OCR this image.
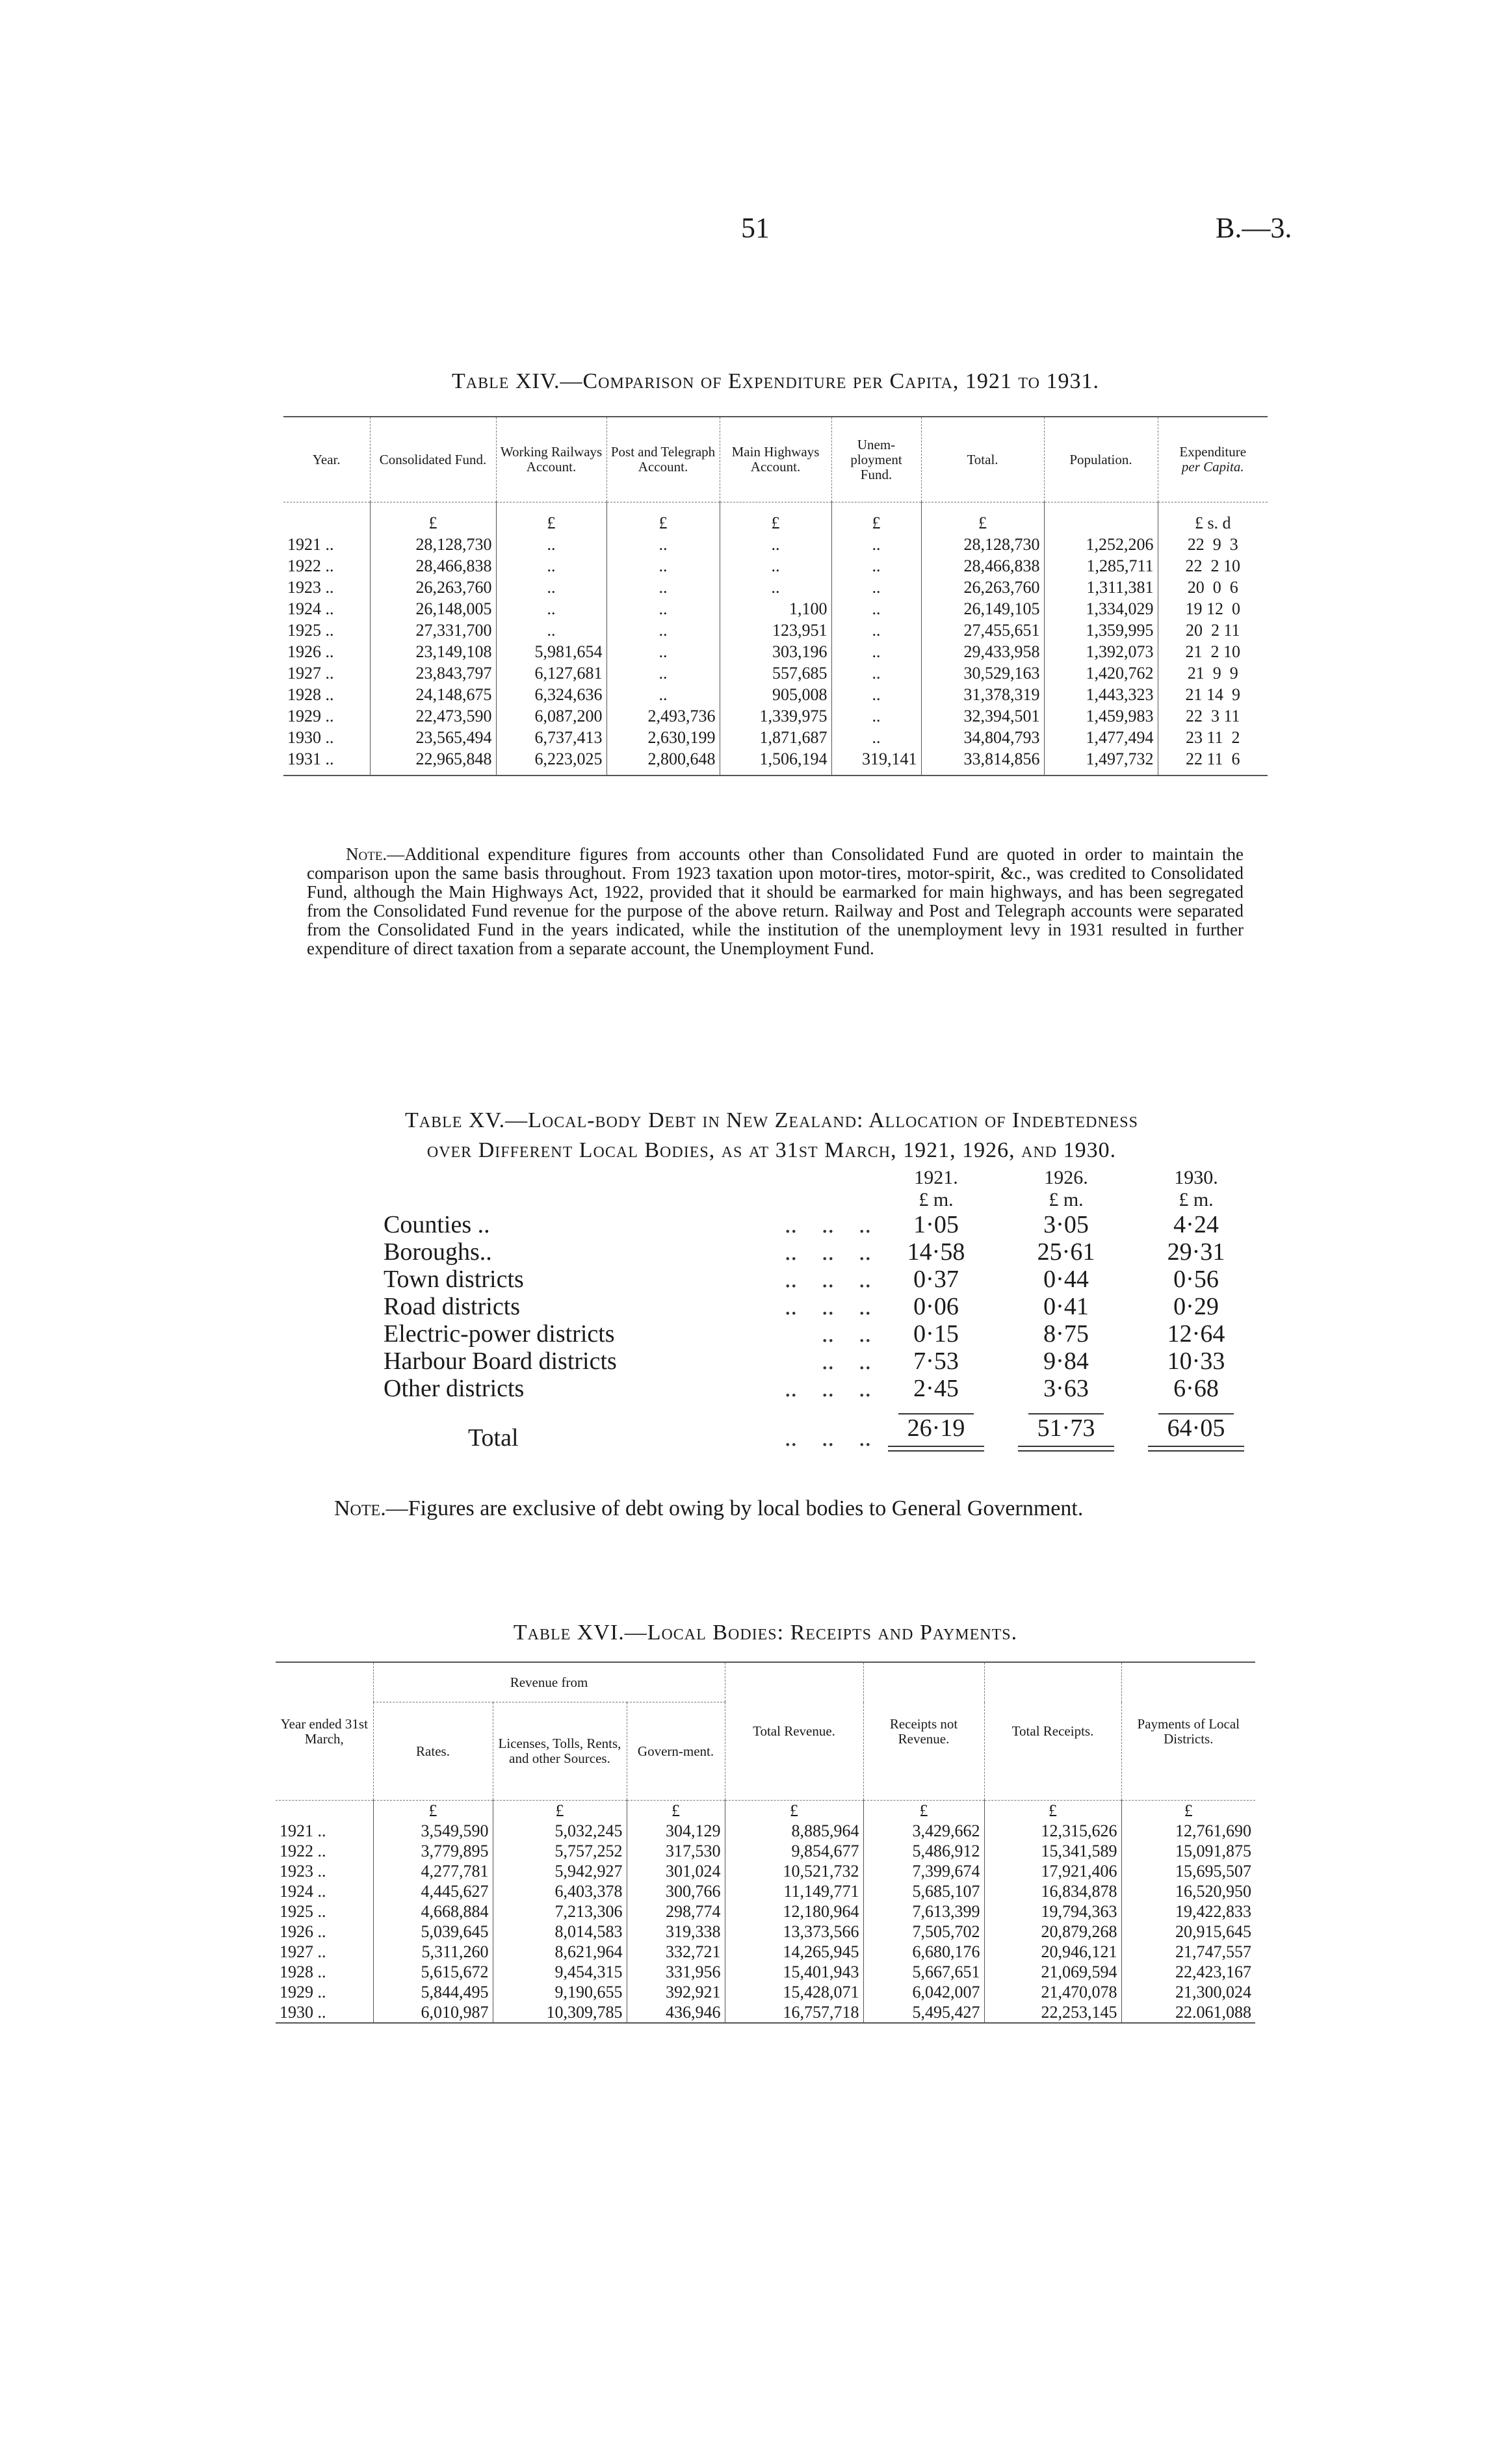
51	B.—3.
Table XIV.—Comparison of Expenditure per Capita, 1921 to 1931.
Year.	Consolidated Fund.	Working Railways Account.	Post and Telegraph Account.	Main Highways Account.	Unem-ployment Fund.	Total.	Population.	Expenditure
per Capita.
	£	£	£	£	£	£		£ s. d
1921 ..	28,128,730	..	..	..	..	28,128,730	1,252,206	22  9  3
1922 ..	28,466,838	..	..	..	..	28,466,838	1,285,711	22  2 10
1923 ..	26,263,760	..	..	..	..	26,263,760	1,311,381	20  0  6
1924 ..	26,148,005	..	..	1,100	..	26,149,105	1,334,029	19 12  0
1925 ..	27,331,700	..	..	123,951	..	27,455,651	1,359,995	20  2 11
1926 ..	23,149,108	5,981,654	..	303,196	..	29,433,958	1,392,073	21  2 10
1927 ..	23,843,797	6,127,681	..	557,685	..	30,529,163	1,420,762	21  9  9
1928 ..	24,148,675	6,324,636	..	905,008	..	31,378,319	1,443,323	21 14  9
1929 ..	22,473,590	6,087,200	2,493,736	1,339,975	..	32,394,501	1,459,983	22  3 11
1930 ..	23,565,494	6,737,413	2,630,199	1,871,687	..	34,804,793	1,477,494	23 11  2
1931 ..	22,965,848	6,223,025	2,800,648	1,506,194	319,141	33,814,856	1,497,732	22 11  6

Note.—Additional expenditure figures from accounts other than Consolidated Fund are quoted in order to maintain the comparison upon the same basis throughout. From 1923 taxation upon motor-tires, motor-spirit, &c., was credited to Consolidated Fund, although the Main Highways Act, 1922, provided that it should be earmarked for main highways, and has been segregated from the Consolidated Fund revenue for the purpose of the above return. Railway and Post and Telegraph accounts were separated from the Consolidated Fund in the years indicated, while the institution of the unemployment levy in 1931 resulted in further expenditure of direct taxation from a separate account, the Unemployment Fund.
Table XV.—Local-body Debt in New Zealand: Allocation of Indebtedness
over Different Local Bodies, as at 31st March, 1921, 1926, and 1930.
	1921.	1926.	1930.
	£ m.	£ m.	£ m.
Counties .. ..    ..    ..	1·05	3·05	4·24
Boroughs.. ..    ..    ..	14·58	25·61	29·31
Town districts ..    ..    ..	0·37	0·44	0·56
Road districts ..    ..    ..	0·06	0·41	0·29
Electric-power districts ..    ..	0·15	8·75	12·64
Harbour Board districts ..    ..	7·53	9·84	10·33
Other districts ..    ..    ..	2·45	3·63	6·68
Total ..    ..    ..	26·19	51·73	64·05
Note.—Figures are exclusive of debt owing by local bodies to General Government.
Table XVI.—Local Bodies: Receipts and Payments.
Year ended 31st March,	Revenue from			Total Revenue.	Receipts not Revenue.	Total Receipts.	Payments of Local Districts.
	Rates.	Licenses, Tolls, Rents, and other Sources.	Govern-ment.				
	£	£	£	£	£	£	£
1921 ..	3,549,590	5,032,245	304,129	8,885,964	3,429,662	12,315,626	12,761,690
1922 ..	3,779,895	5,757,252	317,530	9,854,677	5,486,912	15,341,589	15,091,875
1923 ..	4,277,781	5,942,927	301,024	10,521,732	7,399,674	17,921,406	15,695,507
1924 ..	4,445,627	6,403,378	300,766	11,149,771	5,685,107	16,834,878	16,520,950
1925 ..	4,668,884	7,213,306	298,774	12,180,964	7,613,399	19,794,363	19,422,833
1926 ..	5,039,645	8,014,583	319,338	13,373,566	7,505,702	20,879,268	20,915,645
1927 ..	5,311,260	8,621,964	332,721	14,265,945	6,680,176	20,946,121	21,747,557
1928 ..	5,615,672	9,454,315	331,956	15,401,943	5,667,651	21,069,594	22,423,167
1929 ..	5,844,495	9,190,655	392,921	15,428,071	6,042,007	21,470,078	21,300,024
1930 ..	6,010,987	10,309,785	436,946	16,757,718	5,495,427	22,253,145	22.061,088
